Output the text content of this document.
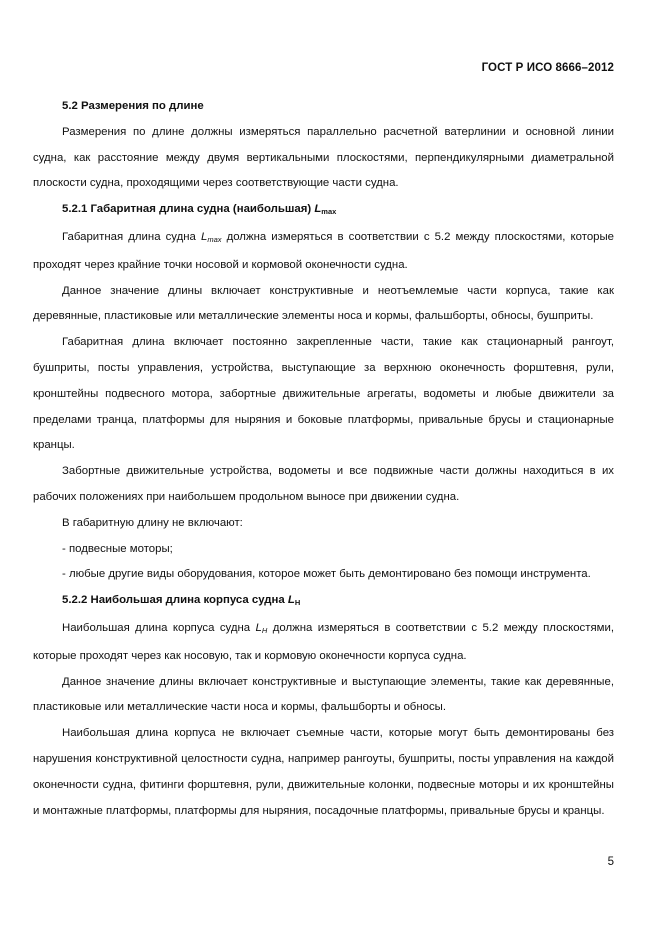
ГОСТ Р ИСО 8666–2012

5.2 Размерения по длине

Размерения по длине должны измеряться параллельно расчетной ватерлинии и основной линии судна, как расстояние между двумя вертикальными плоскостями, перпендикулярными диаметральной плоскости судна, проходящими через соответствующие части судна.

5.2.1 Габаритная длина судна (наибольшая) $L_{max}$

Габаритная длина судна $L_{max}$ должна измеряться в соответствии с 5.2 между плоскостями, которые проходят через крайние точки носовой и кормовой оконечности судна.

Данное значение длины включает конструктивные и неотъемлемые части корпуса, такие как деревянные, пластиковые или металлические элементы носа и кормы, фальшборты, обносы, бушприты.

Габаритная длина включает постоянно закрепленные части, такие как стационарный рангоут, бушприты, посты управления, устройства, выступающие за верхнюю оконечность форштевня, рули, кронштейны подвесного мотора, забортные движительные агрегаты, водометы и любые движители за пределами транца, платформы для ныряния и боковые платформы, привальные брусы и стационарные кранцы.

Забортные движительные устройства, водометы и все подвижные части должны находиться в их рабочих положениях при наибольшем продольном выносе при движении судна.

В габаритную длину не включают:

- подвесные моторы;

- любые другие виды оборудования, которое может быть демонтировано без помощи инструмента.

5.2.2 Наибольшая длина корпуса судна $L_H$

Наибольшая длина корпуса судна $L_H$ должна измеряться в соответствии с 5.2 между плоскостями, которые проходят через как носовую, так и кормовую оконечности корпуса судна.

Данное значение длины включает конструктивные и выступающие элементы, такие как деревянные, пластиковые или металлические части носа и кормы, фальшборты и обносы.

Наибольшая длина корпуса не включает съемные части, которые могут быть демонтированы без нарушения конструктивной целостности судна, например рангоуты, бушприты, посты управления на каждой оконечности судна, фитинги форштевня, рули, движительные колонки, подвесные моторы и их кронштейны и монтажные платформы, платформы для ныряния, посадочные платформы, привальные брусы и кранцы.

5
